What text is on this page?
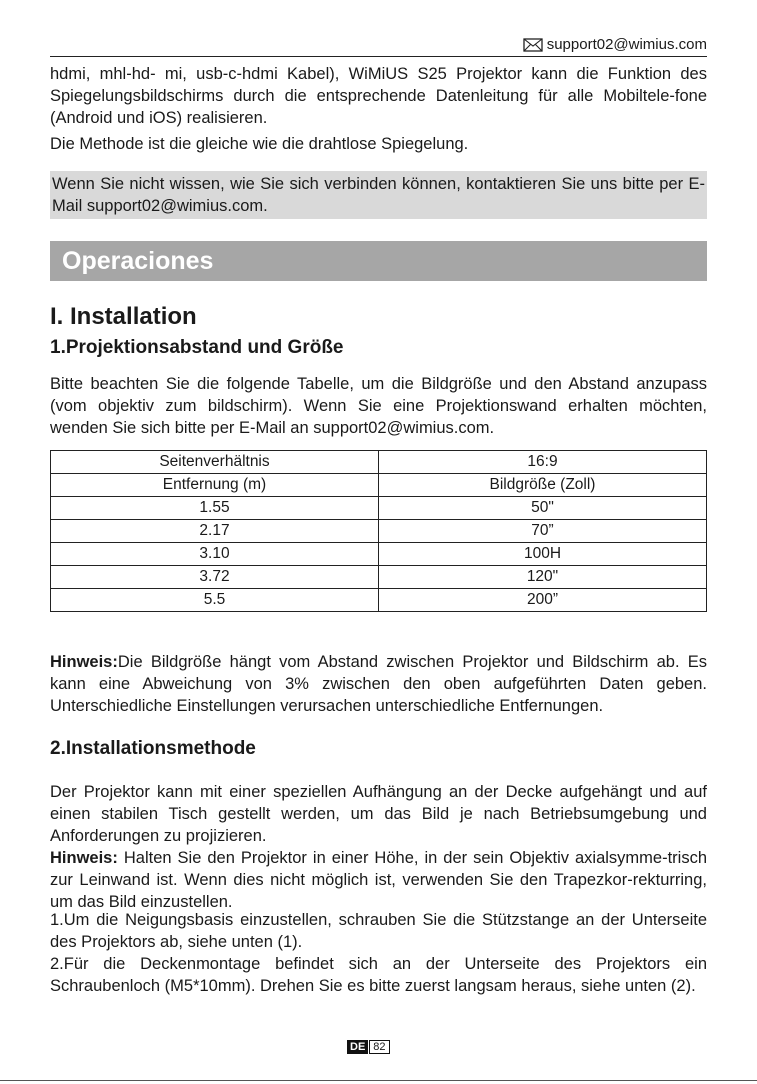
support02@wimius.com

hdmi, mhl-hd- mi, usb-c-hdmi Kabel), WiMiUS S25 Projektor kann die Funktion des Spiegelungsbildschirms durch die entsprechende Datenleitung für alle Mobiltele-fone (Android und iOS) realisieren.

Die Methode ist die gleiche wie die drahtlose Spiegelung.

Wenn Sie nicht wissen, wie Sie sich verbinden können, kontaktieren Sie uns bitte per E-Mail support02@wimius.com.

Operaciones
I. Installation
1.Projektionsabstand und Größe

Bitte beachten Sie die folgende Tabelle, um die Bildgröße und den Abstand anzupass (vom objektiv zum bildschirm). Wenn Sie eine Projektionswand erhalten möchten, wenden Sie sich bitte per E-Mail an support02@wimius.com.

Seitenverhältnis	16:9
Entfernung (m)	Bildgröße (Zoll)
1.55	50"
2.17	70”
3.10	100H
3.72	120"
5.5	200”

Hinweis:Die Bildgröße hängt vom Abstand zwischen Projektor und Bildschirm ab. Es kann eine Abweichung von 3% zwischen den oben aufgeführten Daten geben. Unterschiedliche Einstellungen verursachen unterschiedliche Entfernungen.

2.Installationsmethode

Der Projektor kann mit einer speziellen Aufhängung an der Decke aufgehängt und auf einen stabilen Tisch gestellt werden, um das Bild je nach Betriebsumgebung und Anforderungen zu projizieren.

Hinweis: Halten Sie den Projektor in einer Höhe, in der sein Objektiv axialsymme-trisch zur Leinwand ist. Wenn dies nicht möglich ist, verwenden Sie den Trapezkor-rekturring, um das Bild einzustellen.

1.Um die Neigungsbasis einzustellen, schrauben Sie die Stützstange an der Unterseite des Projektors ab, siehe unten (1).

2.Für die Deckenmontage befindet sich an der Unterseite des Projektors ein Schraubenloch (M5*10mm). Drehen Sie es bitte zuerst langsam heraus, siehe unten (2).

DE 82
